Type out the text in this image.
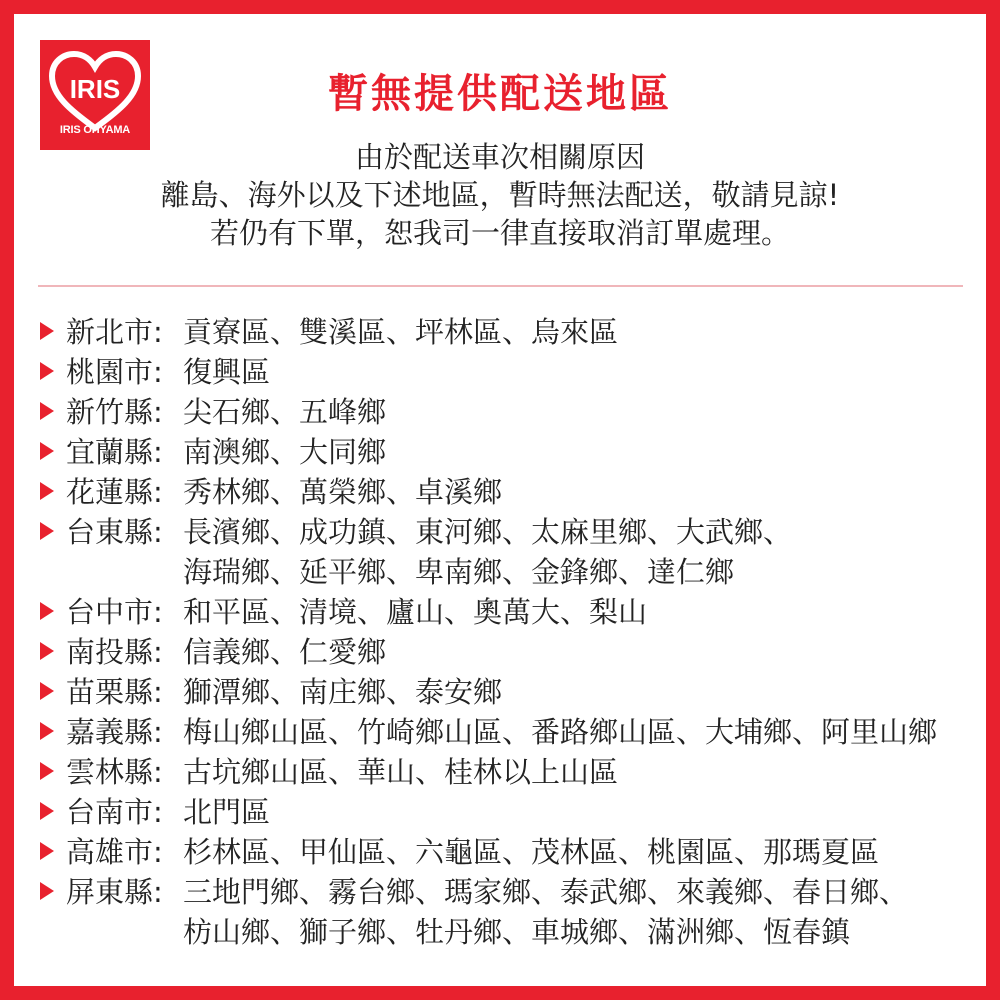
IRIS
IRIS OHYAMA
暫無提供配送地區
由於配送車次相關原因
離島、海外以及下述地區，暫時無法配送，敬請見諒!
若仍有下單，恕我司一律直接取消訂單處理。
新北市: 貢寮區、雙溪區、坪林區、烏來區
桃園市: 復興區
新竹縣: 尖石鄉、五峰鄉
宜蘭縣: 南澳鄉、大同鄉
花蓮縣: 秀林鄉、萬榮鄉、卓溪鄉
台東縣: 長濱鄉、成功鎮、東河鄉、太麻里鄉、大武鄉、
海瑞鄉、延平鄉、卑南鄉、金鋒鄉、達仁鄉
台中市: 和平區、清境、廬山、奧萬大、梨山
南投縣: 信義鄉、仁愛鄉
苗栗縣: 獅潭鄉、南庄鄉、泰安鄉
嘉義縣: 梅山鄉山區、竹崎鄉山區、番路鄉山區、大埔鄉、阿里山鄉
雲林縣: 古坑鄉山區、華山、桂林以上山區
台南市: 北門區
高雄市: 杉林區、甲仙區、六龜區、茂林區、桃園區、那瑪夏區
屏東縣: 三地門鄉、霧台鄉、瑪家鄉、泰武鄉、來義鄉、春日鄉、
枋山鄉、獅子鄉、牡丹鄉、車城鄉、滿洲鄉、恆春鎮
